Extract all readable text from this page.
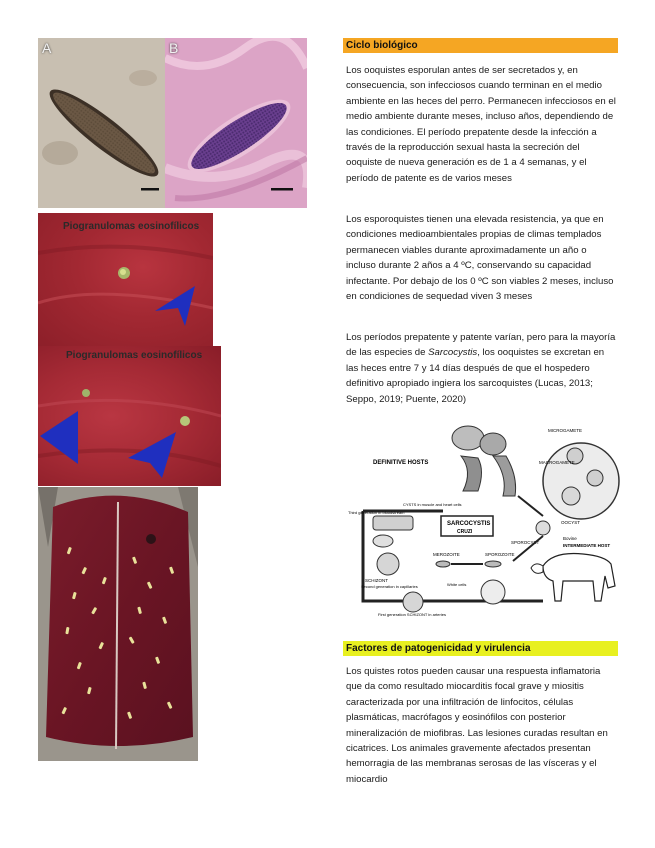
A	B
Piogranulomas eosinofílicos
Piogranulomas eosinofílicos
Ciclo biológico

Los ooquistes esporulan antes de ser secretados y, en consecuencia, son infecciosos cuando terminan en el medio ambiente en las heces del perro. Permanecen infecciosos en el medio ambiente durante meses, incluso años, dependiendo de las condiciones. El período prepatente desde la infección a través de la reproducción sexual hasta la secreción del ooquiste de nueva generación es de 1 a 4 semanas, y el período de patente es de varios meses

Los esporoquistes tienen una elevada resistencia, ya que en condiciones medioambientales propias de climas templados permanecen viables durante aproximadamente un año o incluso durante 2 años a 4 ºC, conservando su capacidad infectante. Por debajo de los 0 ºC son viables 2 meses, incluso en condiciones de sequedad viven 3 meses

Los períodos prepatente y patente varían, pero para la mayoría de las especies de Sarcocystis, los ooquistes se excretan en las heces entre 7 y 14 días después de que el hospedero definitivo apropiado ingiera los sarcoquistes (Lucas, 2013; Seppo, 2019; Puente, 2020)

DEFINITIVE HOSTS
MICROGAMETE
MACROGAMETE
OOCYST
SPOROCYST
SARCOCYSTIS
CRUZI
CYSTS in muscle and heart cells
Third generation in bloodstream
SCHIZONT
Second generation in capillaries
First generation SCHIZONT in arteries
MEROZOITE	SPOROZOITE
White cells
Bovine
INTERMEDIATE HOST
Factores de patogenicidad y virulencia

Los quistes rotos pueden causar una respuesta inflamatoria que da como resultado miocarditis focal grave y miositis caracterizada por una infiltración de linfocitos, células plasmáticas, macrófagos y eosinófilos con posterior mineralización de miofibras. Las lesiones curadas resultan en cicatrices. Los animales gravemente afectados presentan hemorragia de las membranas serosas de las vísceras y el miocardio
